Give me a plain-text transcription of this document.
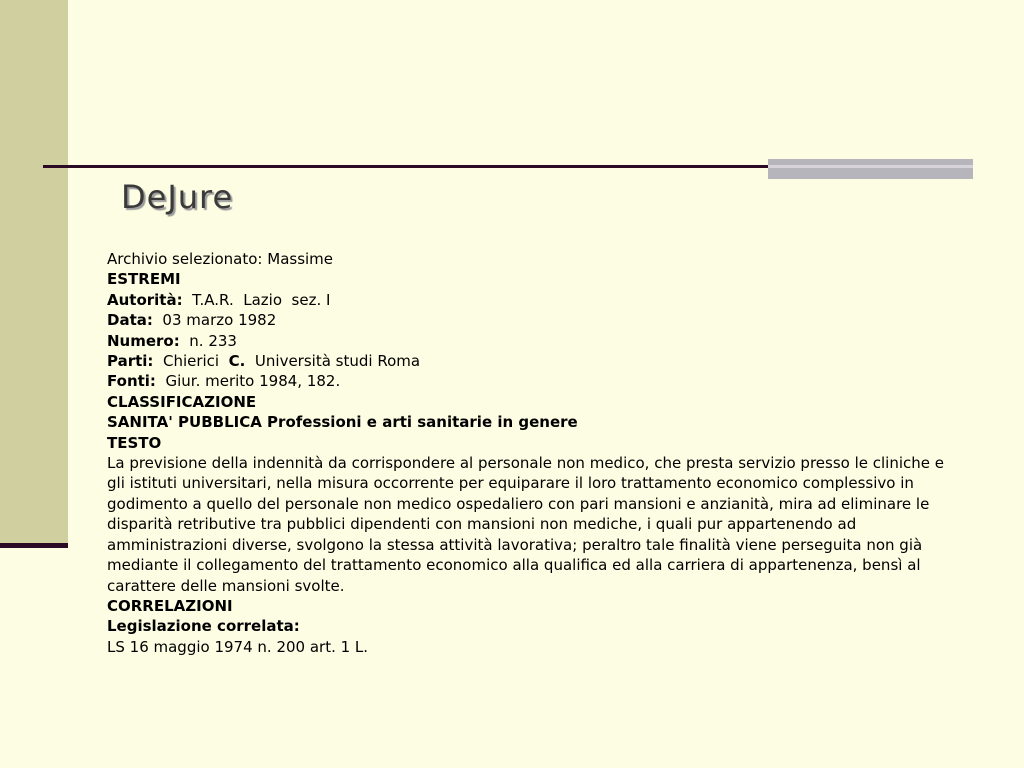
DeJure
Archivio selezionato: Massime
ESTREMI
Autorità: T.A.R.  Lazio  sez. I
Data: 03 marzo 1982
Numero: n. 233
Parti: Chierici C. Università studi Roma
Fonti: Giur. merito 1984, 182.
CLASSIFICAZIONE
SANITA' PUBBLICA Professioni e arti sanitarie in genere
TESTO
La previsione della indennità da corrispondere al personale non medico, che presta servizio presso le cliniche e gli istituti universitari, nella misura occorrente per equiparare il loro trattamento economico complessivo in godimento a quello del personale non medico ospedaliero con pari mansioni e anzianità, mira ad eliminare le disparità retributive tra pubblici dipendenti con mansioni non mediche, i quali pur appartenendo ad amministrazioni diverse, svolgono la stessa attività lavorativa; peraltro tale finalità viene perseguita non già mediante il collegamento del trattamento economico alla qualifica ed alla carriera di appartenenza, bensì al carattere delle mansioni svolte.
CORRELAZIONI
Legislazione correlata:
LS 16 maggio 1974 n. 200 art. 1 L.
